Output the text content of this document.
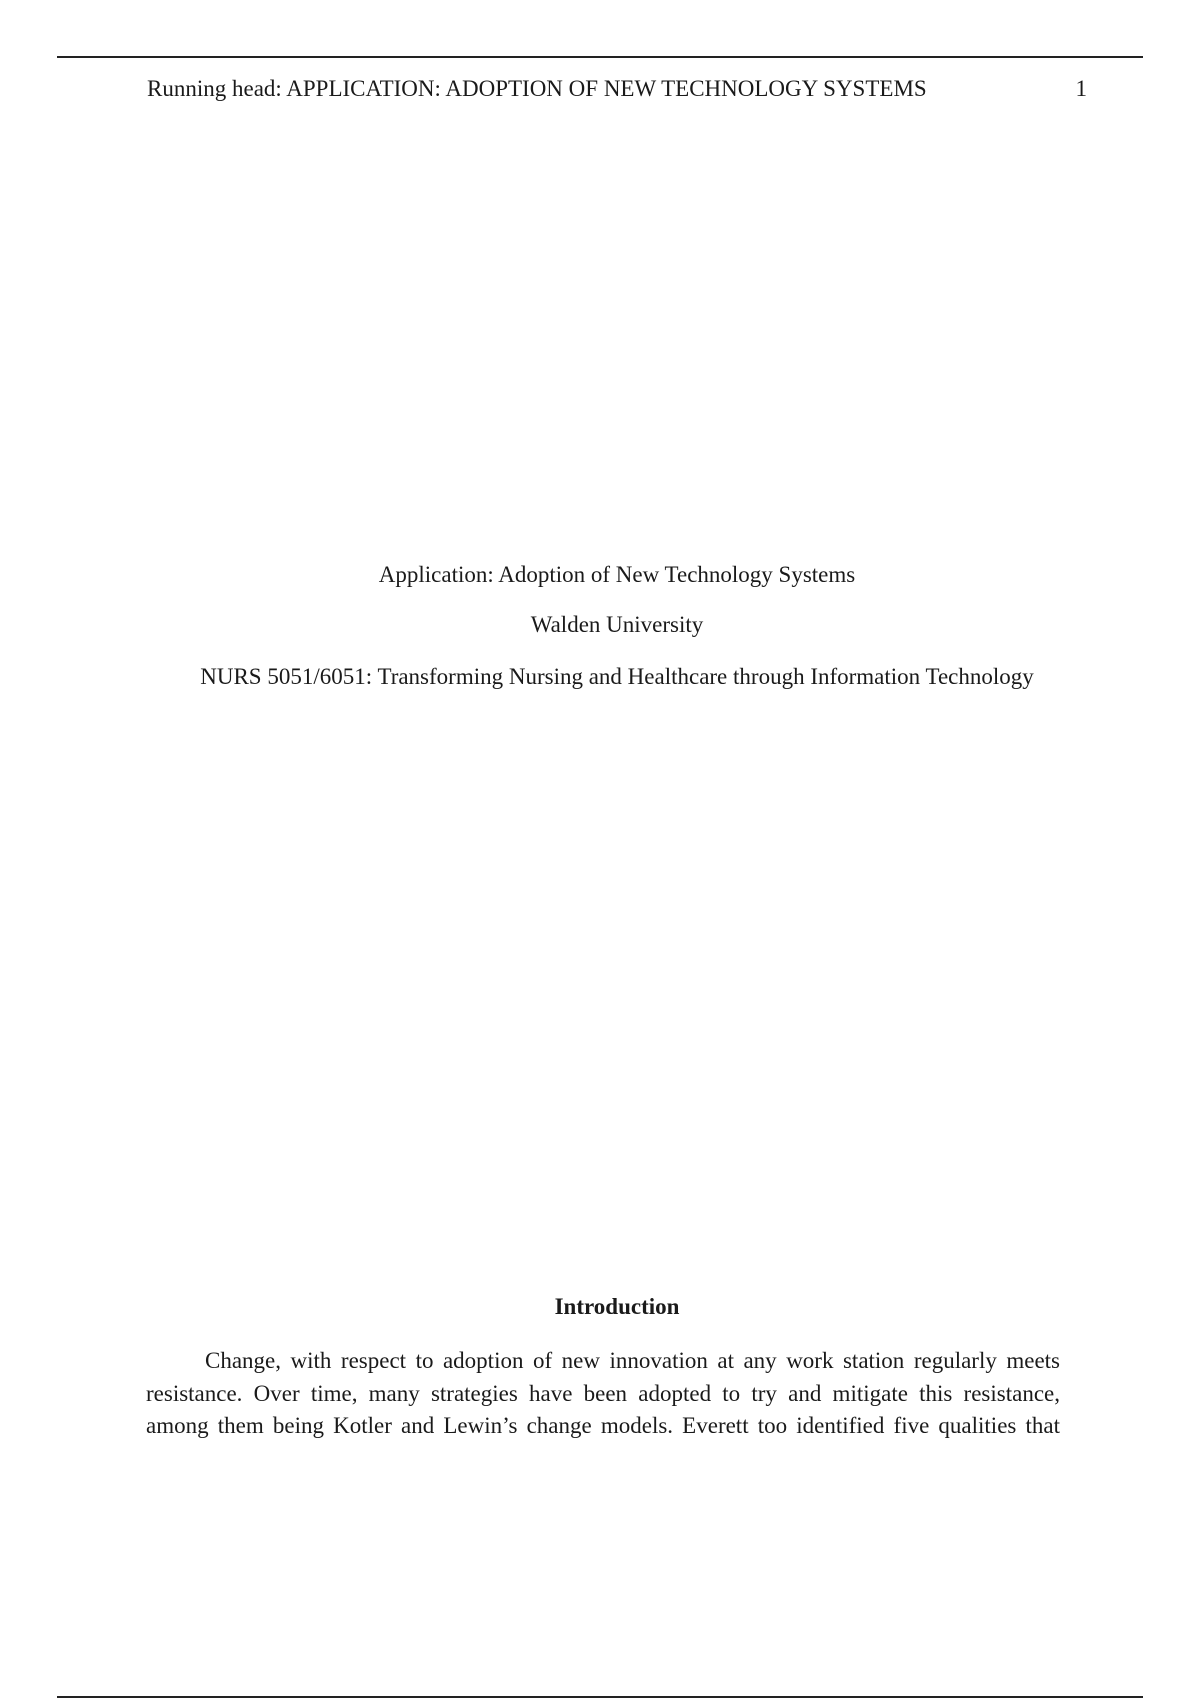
Running head: APPLICATION: ADOPTION OF NEW TECHNOLOGY SYSTEMS	1
Application: Adoption of New Technology Systems
Walden University
NURS 5051/6051: Transforming Nursing and Healthcare through Information Technology
Introduction
Change, with respect to adoption of new innovation at any work station regularly meets
resistance. Over time, many strategies have been adopted to try and mitigate this resistance,
among them being Kotler and Lewin’s change models. Everett too identified five qualities that
